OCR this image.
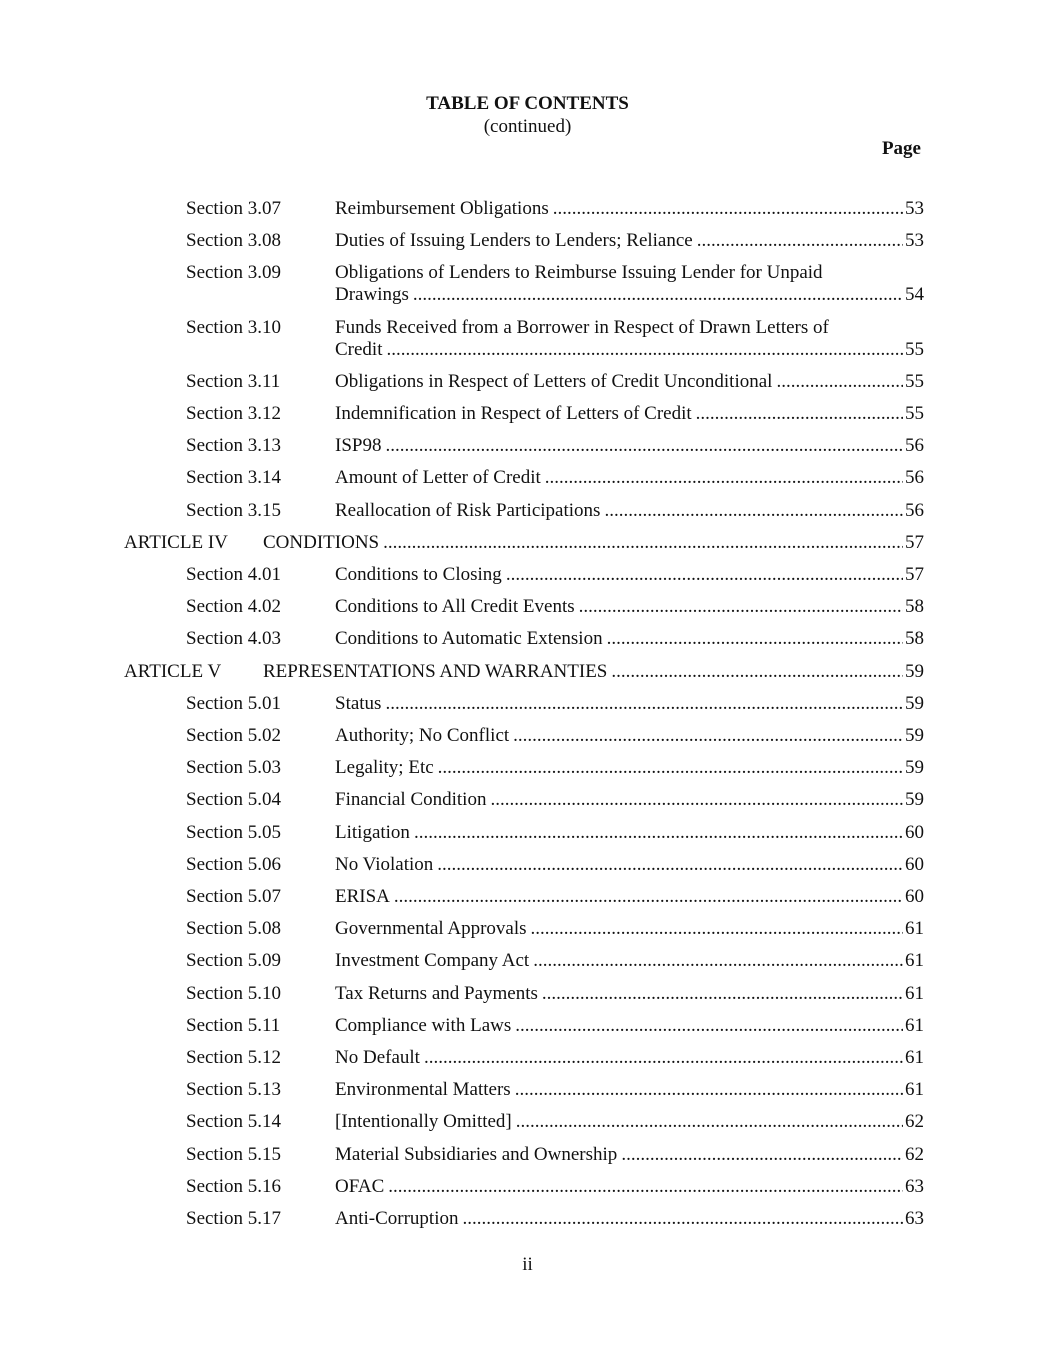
TABLE OF CONTENTS
(continued)
Page
Section 3.07	Reimbursement Obligations .....	53
Section 3.08	Duties of Issuing Lenders to Lenders; Reliance .....	53
Section 3.09	Obligations of Lenders to Reimburse Issuing Lender for Unpaid
Drawings .....	54
Section 3.10	Funds Received from a Borrower in Respect of Drawn Letters of
Credit .....	55
Section 3.11	Obligations in Respect of Letters of Credit Unconditional .....	55
Section 3.12	Indemnification in Respect of Letters of Credit .....	55
Section 3.13	ISP98 .....	56
Section 3.14	Amount of Letter of Credit .....	56
Section 3.15	Reallocation of Risk Participations .....	56
ARTICLE IV CONDITIONS .....	57
Section 4.01	Conditions to Closing .....	57
Section 4.02	Conditions to All Credit Events .....	58
Section 4.03	Conditions to Automatic Extension .....	58
ARTICLE V REPRESENTATIONS AND WARRANTIES .....	59
Section 5.01	Status .....	59
Section 5.02	Authority; No Conflict .....	59
Section 5.03	Legality; Etc .....	59
Section 5.04	Financial Condition .....	59
Section 5.05	Litigation .....	60
Section 5.06	No Violation .....	60
Section 5.07	ERISA .....	60
Section 5.08	Governmental Approvals .....	61
Section 5.09	Investment Company Act .....	61
Section 5.10	Tax Returns and Payments .....	61
Section 5.11	Compliance with Laws .....	61
Section 5.12	No Default .....	61
Section 5.13	Environmental Matters .....	61
Section 5.14	[Intentionally Omitted] .....	62
Section 5.15	Material Subsidiaries and Ownership .....	62
Section 5.16	OFAC .....	63
Section 5.17	Anti-Corruption .....	63
ii
